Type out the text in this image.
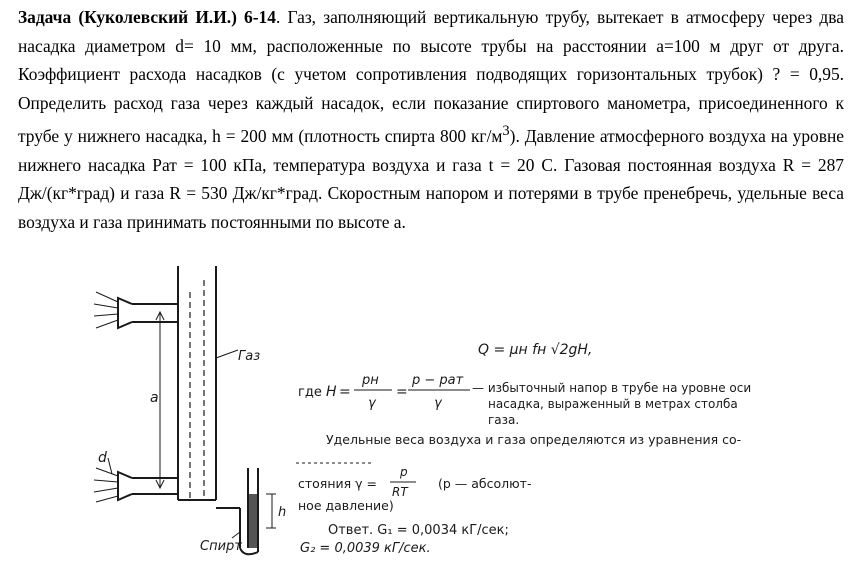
Задача (Куколевский И.И.) 6-14. Газ, заполняющий вертикальную трубу, вытекает в атмосферу через два насадка диаметром d= 10 мм, расположенные по высоте трубы на расстоянии a=100 м друг от друга. Коэффициент расхода насадков (с учетом сопротивления подводящих горизонтальных трубок) ? = 0,95. Определить расход газа через каждый насадок, если показание спиртового манометра, присоединенного к трубе у нижнего насадка, h = 200 мм (плотность спирта 800 $кг/м^3$). Давление атмосферного воздуха на уровне нижнего насадка Pат = 100 кПа, температура воздуха и газа t = 20 С. Газовая постоянная воздуха R = 287 Дж/(кг*град) и газа R = 530 Дж/кг*град. Скоростным напором и потерями в трубе пренебречь, удельные веса воздуха и газа принимать постоянными по высоте a.
Газ
a
d
h
Спирт
Q = μн fн √2gH,
где H =
pн
γ
=
p − pат
γ
— избыточный напор в трубе на уровне оси
насадка, выраженный в метрах столба
газа.
Удельные веса воздуха и газа определяются из уравнения со-
стояния γ =
p
RT
(p — абсолют-
ное давление)
Ответ. G₁ = 0,0034 кГ/сек;
G₂ = 0,0039 кГ/сек.
